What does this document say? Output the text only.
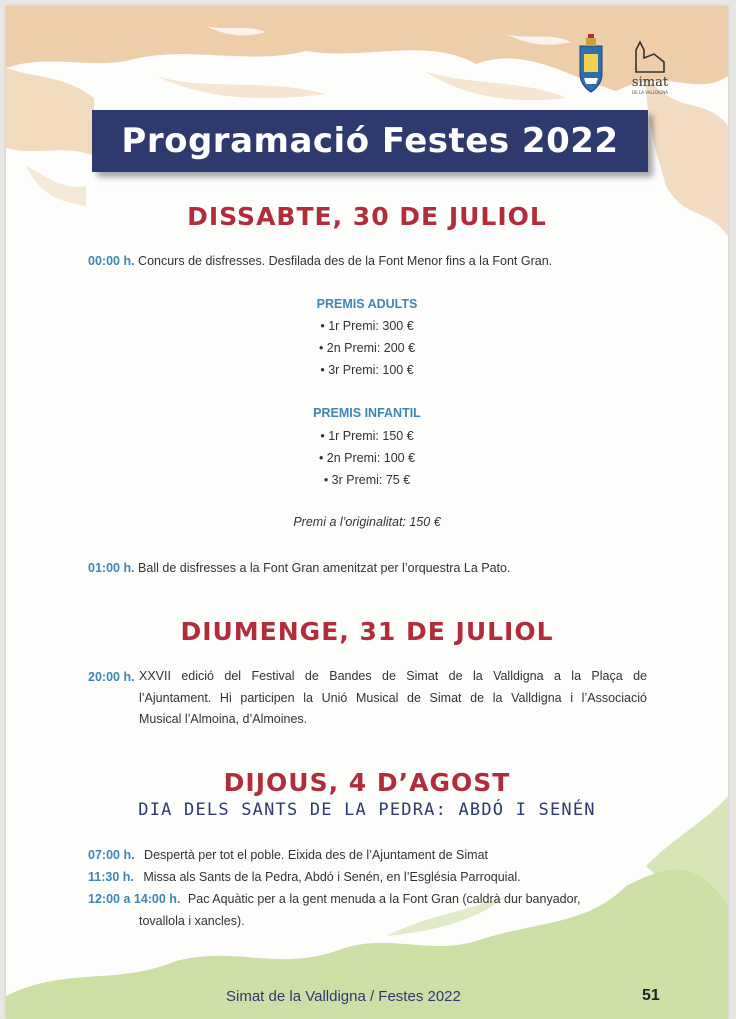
simat
DE LA VALLDIGNA
Programació Festes 2022
DISSABTE, 30 DE JULIOL
00:00 h. Concurs de disfresses. Desfilada des de la Font Menor fins a la Font Gran.
PREMIS ADULTS
• 1r Premi: 300 €
• 2n Premi: 200 €
• 3r Premi: 100 €
PREMIS INFANTIL
• 1r Premi: 150 €
• 2n Premi: 100 €
• 3r Premi: 75 €
Premi a l’originalitat: 150 €
01:00 h. Ball de disfresses a la Font Gran amenitzat per l’orquestra La Pato.
DIUMENGE, 31 DE JULIOL
20:00 h. XXVII edició del Festival de Bandes de Simat de la Valldigna a la Plaça de
l’Ajuntament. Hi participen la Unió Musical de Simat de la Valldigna i l’Associació
Musical l’Almoina, d’Almoines.
DIJOUS, 4 D’AGOST
DIA DELS SANTS DE LA PEDRA: ABDÓ I SENÉN
07:00 h. Despertà per tot el poble. Eixida des de l’Ajuntament de Simat
11:30 h. Missa als Sants de la Pedra, Abdó i Senén, en l’Església Parroquial.
12:00 a 14:00 h. Pac Aquàtic per a la gent menuda a la Font Gran (caldrà dur banyador,
tovallola i xancles).
Simat de la Valldigna / Festes 2022	51
